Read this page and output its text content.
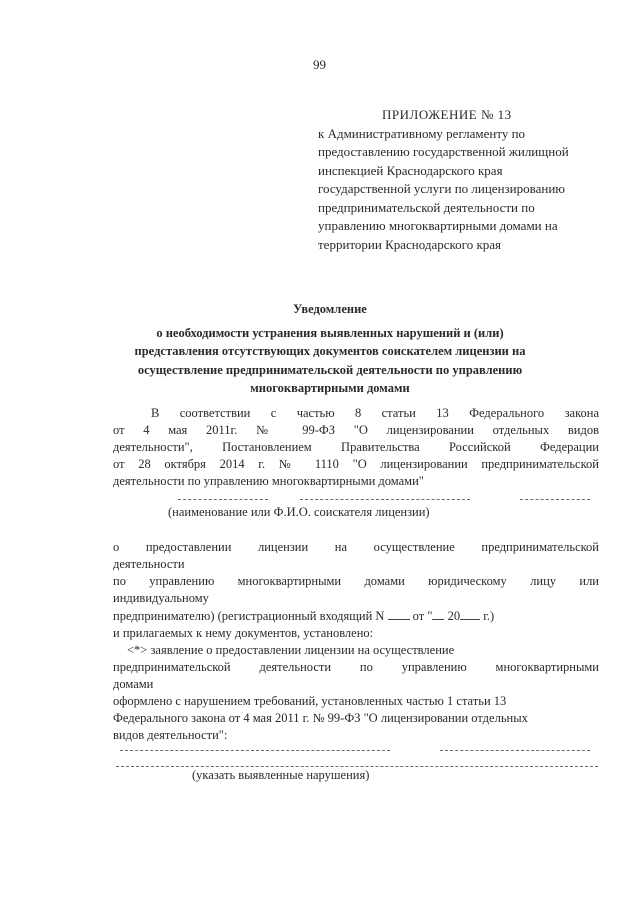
99
ПРИЛОЖЕНИЕ № 13
к Административному регламенту по
предоставлению государственной жилищной
инспекцией Краснодарского края
государственной услуги по лицензированию
предпринимательской деятельности по
управлению многоквартирными домами на
территории Краснодарского края
Уведомление
о необходимости устранения выявленных нарушений и (или)
представления отсутствующих документов соискателем лицензии на
осуществление предпринимательской деятельности по управлению
многоквартирными домами
В соответствии с частью 8 статьи 13 Федерального закона
от 4 мая 2011г. № 99-ФЗ "О лицензировании отдельных видов
деятельности", Постановлением Правительства Российской Федерации
от 28 октября 2014 г. № 1110 "О лицензировании предпринимательской
деятельности по управлению многоквартирными домами"
(наименование или Ф.И.О. соискателя лицензии)
о предоставлении лицензии на осуществление предпринимательской
деятельности
по управлению многоквартирными домами юридическому лицу или
индивидуальному
предпринимателю) (регистрационный входящий N от " 20 г.)
и прилагаемых к нему документов, установлено:
<*> заявление о предоставлении лицензии на осуществление
предпринимательской деятельности по управлению многоквартирными
домами
оформлено с нарушением требований, установленных частью 1 статьи 13
Федерального закона от 4 мая 2011 г. № 99-ФЗ "О лицензировании отдельных
видов деятельности":
(указать выявленные нарушения)
